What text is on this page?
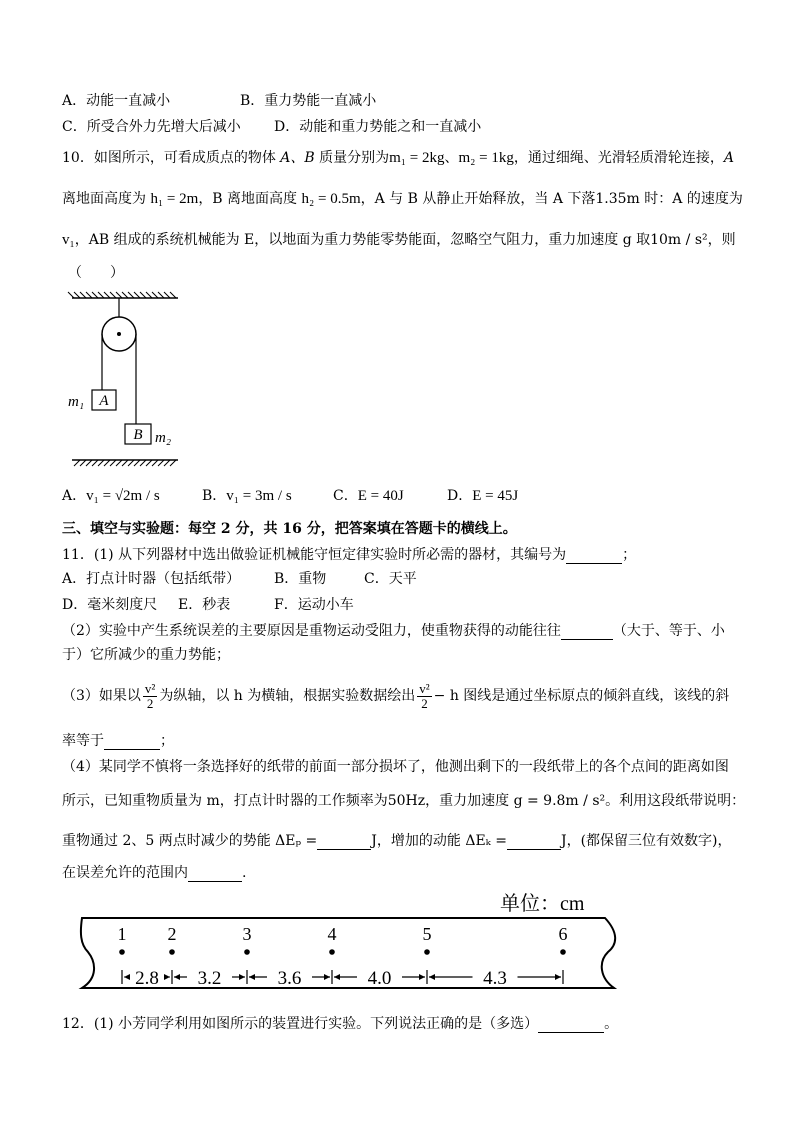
A．动能一直减小	B．重力势能一直减小
C．所受合外力先增大后减小 D．动能和重力势能之和一直减小
10．如图所示，可看成质点的物体 A、B 质量分别为m₁ = 2kg、m₂ = 1kg，通过细绳、光滑轻质滑轮连接，A
离地面高度为 h₁ = 2m，B 离地面高度 h₂ = 0.5m，A 与 B 从静止开始释放，当 A 下落1.35m 时：A 的速度为
v₁，AB 组成的系统机械能为 E，以地面为重力势能零势能面，忽略空气阻力，重力加速度 g 取10m / s²，则
（　　）
A
m₁
B m₂
A．v₁ = √2m / s	B．v₁ = 3m / s	C．E = 40J	D．E = 45J
三、填空与实验题：每空 2 分，共 16 分，把答案填在答题卡的横线上。
11．(1) 从下列器材中选出做验证机械能守恒定律实验时所必需的器材，其编号为	；
A．打点计时器（包括纸带） B．重物	C．天平
D．毫米刻度尺 E．秒表	F．运动小车
（2）实验中产生系统误差的主要原因是重物运动受阻力，使重物获得的动能往往	（大于、等于、小
于）它所减少的重力势能；
（3）如果以 $\frac{\text{v²}}{2}$ 为纵轴，以 h 为横轴，根据实验数据绘出 $\frac{\text{v²}}{2} - h$ 图线是通过坐标原点的倾斜直线，该线的斜
率等于	；
（4）某同学不慎将一条选择好的纸带的前面一部分损坏了，他测出剩下的一段纸带上的各个点间的距离如图
所示，已知重物质量为 m，打点计时器的工作频率为50Hz，重力加速度 g = 9.8m / s²。利用这段纸带说明：
重物通过 2、5 两点时减少的势能 ΔEₚ =	J，增加的动能 ΔEₖ =	J，(都保留三位有效数字)，
在误差允许的范围内	.
单位：cm
1 2	3	4	5	6
2.8 3.2	3.6	4.0	4.3
12．(1) 小芳同学利用如图所示的装置进行实验。下列说法正确的是（多选）	。
